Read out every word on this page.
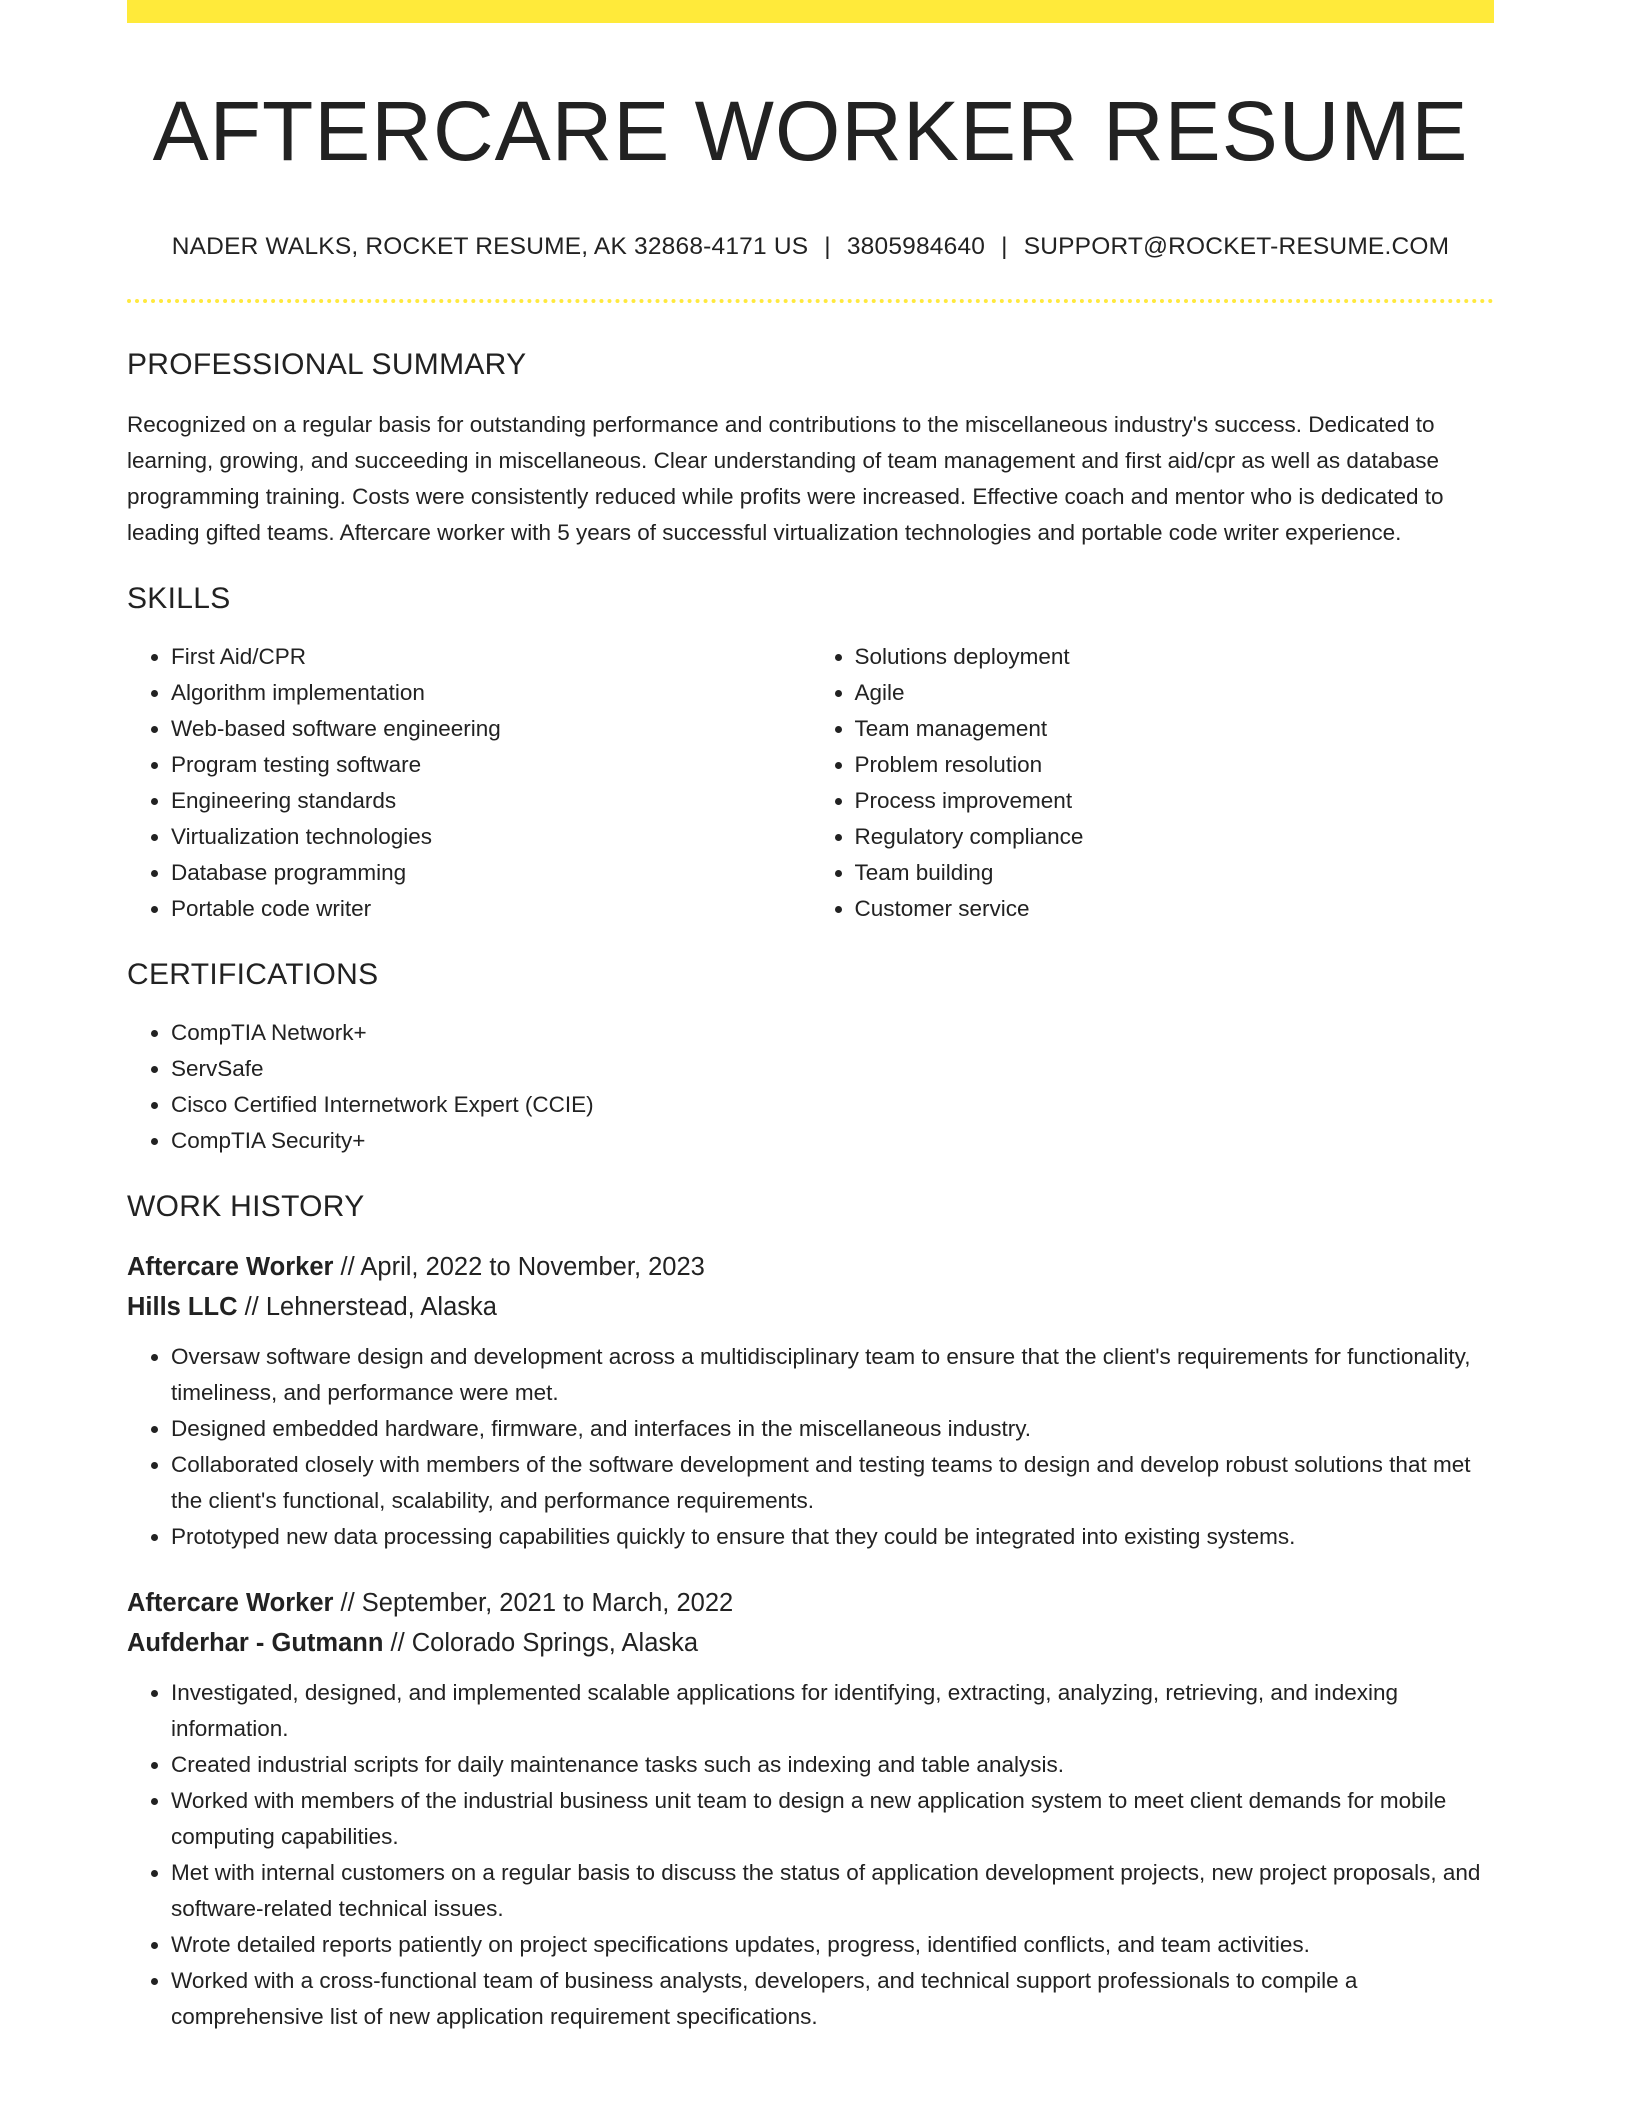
AFTERCARE WORKER RESUME
NADER WALKS, ROCKET RESUME, AK 32868-4171 US | 3805984640 | SUPPORT@ROCKET-RESUME.COM
PROFESSIONAL SUMMARY

Recognized on a regular basis for outstanding performance and contributions to the miscellaneous industry's success. Dedicated to learning, growing, and succeeding in miscellaneous. Clear understanding of team management and first aid/cpr as well as database programming training. Costs were consistently reduced while profits were increased. Effective coach and mentor who is dedicated to leading gifted teams. Aftercare worker with 5 years of successful virtualization technologies and portable code writer experience.

SKILLS
• First Aid/CPR
• Algorithm implementation
• Web-based software engineering
• Program testing software
• Engineering standards
• Virtualization technologies
• Database programming
• Portable code writer
• Solutions deployment
• Agile
• Team management
• Problem resolution
• Process improvement
• Regulatory compliance
• Team building
• Customer service
CERTIFICATIONS
• CompTIA Network+
• ServSafe
• Cisco Certified Internetwork Expert (CCIE)
• CompTIA Security+
WORK HISTORY
Aftercare Worker // April, 2022 to November, 2023
Hills LLC // Lehnerstead, Alaska
• Oversaw software design and development across a multidisciplinary team to ensure that the client's requirements for functionality, timeliness, and performance were met.
• Designed embedded hardware, firmware, and interfaces in the miscellaneous industry.
• Collaborated closely with members of the software development and testing teams to design and develop robust solutions that met the client's functional, scalability, and performance requirements.
• Prototyped new data processing capabilities quickly to ensure that they could be integrated into existing systems.
Aftercare Worker // September, 2021 to March, 2022
Aufderhar - Gutmann // Colorado Springs, Alaska
• Investigated, designed, and implemented scalable applications for identifying, extracting, analyzing, retrieving, and indexing information.
• Created industrial scripts for daily maintenance tasks such as indexing and table analysis.
• Worked with members of the industrial business unit team to design a new application system to meet client demands for mobile computing capabilities.
• Met with internal customers on a regular basis to discuss the status of application development projects, new project proposals, and software-related technical issues.
• Wrote detailed reports patiently on project specifications updates, progress, identified conflicts, and team activities.
• Worked with a cross-functional team of business analysts, developers, and technical support professionals to compile a comprehensive list of new application requirement specifications.
